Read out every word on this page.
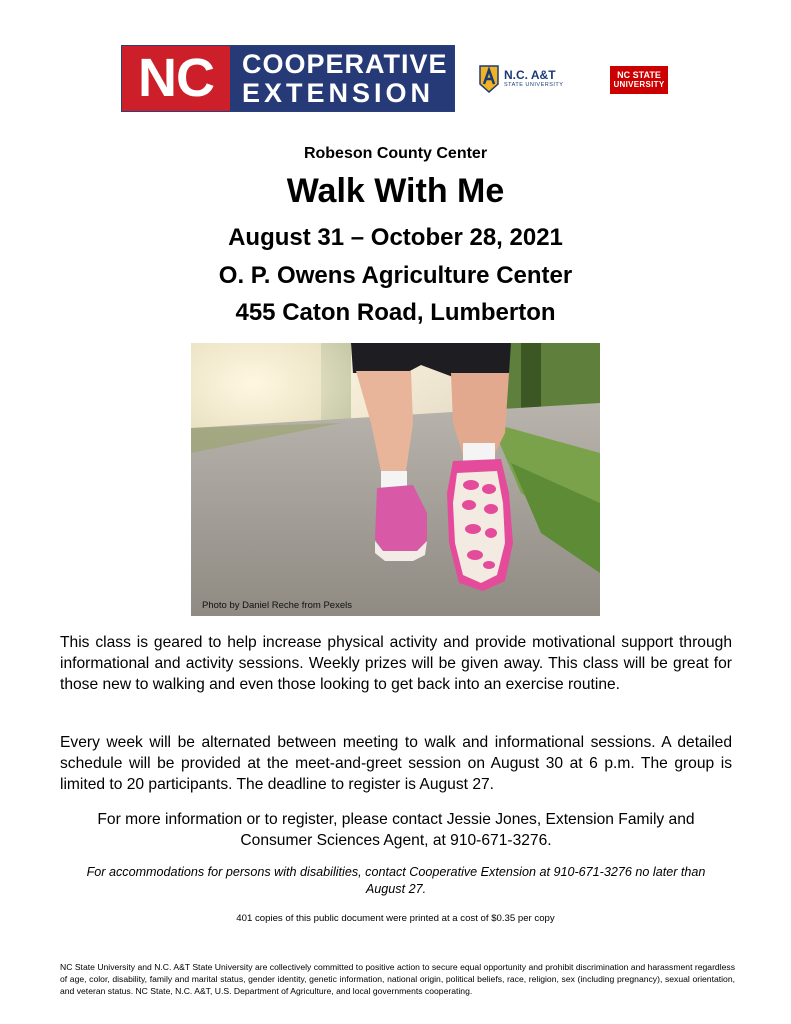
NC	COOPERATIVE
EXTENSION
N.C. A&T
STATE UNIVERSITY
NC STATE
UNIVERSITY
Robeson County Center
Walk With Me
August 31 – October 28, 2021
O. P. Owens Agriculture Center
455 Caton Road, Lumberton
Photo by Daniel Reche from Pexels
This class is geared to help increase physical activity and provide motivational support through informational and activity sessions. Weekly prizes will be given away. This class will be great for those new to walking and even those looking to get back into an exercise routine.
Every week will be alternated between meeting to walk and informational sessions. A detailed schedule will be provided at the meet-and-greet session on August 30 at 6 p.m. The group is limited to 20 participants. The deadline to register is August 27.
For more information or to register, please contact Jessie Jones, Extension Family and Consumer Sciences Agent, at 910-671-3276.
For accommodations for persons with disabilities, contact Cooperative Extension at 910-671-3276 no later than August 27.
401 copies of this public document were printed at a cost of $0.35 per copy
NC State University and N.C. A&T State University are collectively committed to positive action to secure equal opportunity and prohibit discrimination and harassment regardless of age, color, disability, family and marital status, gender identity, genetic information, national origin, political beliefs, race, religion, sex (including pregnancy), sexual orientation, and veteran status. NC State, N.C. A&T, U.S. Department of Agriculture, and local governments cooperating.
